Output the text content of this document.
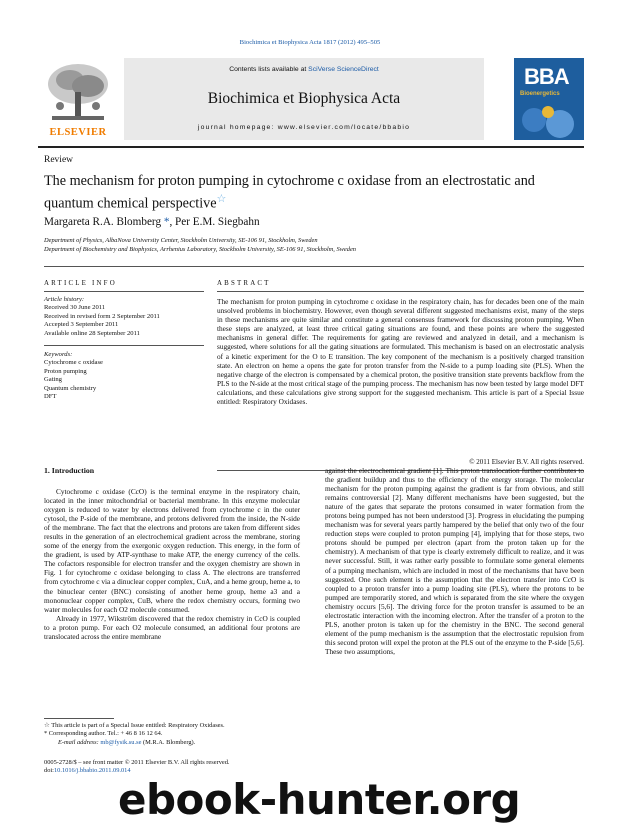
Biochimica et Biophysica Acta 1817 (2012) 495–505
ELSEVIER
Contents lists available at SciVerse ScienceDirect
Biochimica et Biophysica Acta
journal homepage: www.elsevier.com/locate/bbabio
BBA
Bioenergetics
Review
The mechanism for proton pumping in cytochrome c oxidase from an electrostatic and quantum chemical perspective☆
Margareta R.A. Blomberg *, Per E.M. Siegbahn
Department of Physics, AlbaNova University Center, Stockholm University, SE-106 91, Stockholm, Sweden
Department of Biochemistry and Biophysics, Arrhenius Laboratory, Stockholm University, SE-106 91, Stockholm, Sweden
ARTICLE INFO
Article history:
Received 30 June 2011
Received in revised form 2 September 2011
Accepted 3 September 2011
Available online 28 September 2011
Keywords:
Cytochrome c oxidase
Proton pumping
Gating
Quantum chemistry
DFT
ABSTRACT
The mechanism for proton pumping in cytochrome c oxidase in the respiratory chain, has for decades been one of the main unsolved problems in biochemistry. However, even though several different suggested mechanisms exist, many of the steps in these mechanisms are quite similar and constitute a general consensus framework for discussing proton pumping. When these steps are analyzed, at least three critical gating situations are found, and these points are where the suggested mechanisms in general differ. The requirements for gating are reviewed and analyzed in detail, and a mechanism is suggested, where solutions for all the gating situations are formulated. This mechanism is based on an electrostatic analysis of a kinetic experiment for the O to E transition. The key component of the mechanism is a positively charged transition state. An electron on heme a opens the gate for proton transfer from the N-side to a pump loading site (PLS). When the negative charge of the electron is compensated by a chemical proton, the positive transition state prevents backflow from the PLS to the N-side at the most critical stage of the pumping process. The mechanism has now been tested by large model DFT calculations, and these calculations give strong support for the suggested mechanism. This article is part of a Special Issue entitled: Respiratory Oxidases.
© 2011 Elsevier B.V. All rights reserved.
1. Introduction

Cytochrome c oxidase (CcO) is the terminal enzyme in the respiratory chain, located in the inner mitochondrial or bacterial membrane. In this enzyme molecular oxygen is reduced to water by electrons delivered from cytochrome c in the outer cytosol, the P-side of the membrane, and protons delivered from the inside, the N-side of the membrane. The fact that the electrons and protons are taken from different sides results in the generation of an electrochemical gradient across the membrane, storing some of the energy from the exergonic oxygen reduction. This energy, in the form of the gradient, is used by ATP-synthase to make ATP, the energy currency of the cells. The cofactors responsible for electron transfer and the oxygen chemistry are shown in Fig. 1 for cytochrome c oxidase belonging to class A. The electrons are transferred from cytochrome c via a dinuclear copper complex, CuA, and a heme group, heme a, to the binuclear center (BNC) consisting of another heme group, heme a3 and a mononuclear copper complex, CuB, where the redox chemistry occurs, forming two water molecules for each O2 molecule consumed.

Already in 1977, Wikström discovered that the redox chemistry in CcO is coupled to a proton pump. For each O2 molecule consumed, an additional four protons are translocated across the entire membrane

against the electrochemical gradient [1]. This proton translocation further contributes to the gradient buildup and thus to the efficiency of the energy storage. The molecular mechanism for the proton pumping against the gradient is far from obvious, and still remains controversial [2]. Many different mechanisms have been suggested, but the nature of the gates that separate the protons consumed in water formation from the protons being pumped has not been understood [3]. Progress in elucidating the pumping mechanism was for several years partly hampered by the belief that only two of the four reduction steps were coupled to proton pumping [4], implying that for those steps, two protons should be pumped per electron (apart from the proton taken up for the chemistry). A mechanism of that type is clearly extremely difficult to realize, and it was never successful. Still, it was rather early possible to formulate some general elements of a pumping mechanism, which are included in most of the mechanisms that have been suggested. One such element is the assumption that the electron transfer into CcO is coupled to a proton transfer into a pump loading site (PLS), where the protons to be pumped are temporarily stored, and which is separated from the site where the oxygen chemistry occurs [5,6]. The driving force for the proton transfer is assumed to be an electrostatic interaction with the incoming electron. After the transfer of a proton to the PLS, another proton is taken up for the chemistry in the BNC. The second general element of the pump mechanism is the assumption that the electrostatic repulsion from this second proton will expel the proton at the PLS out of the enzyme to the P-side [5,6]. These two assumptions,

☆ This article is part of a Special Issue entitled: Respiratory Oxidases.
* Corresponding author. Tel.: + 46 8 16 12 64.
E-mail address: mb@fysik.su.se (M.R.A. Blomberg).
0005-2728/$ – see front matter © 2011 Elsevier B.V. All rights reserved.
doi:10.1016/j.bbabio.2011.09.014
ebook-hunter.org
